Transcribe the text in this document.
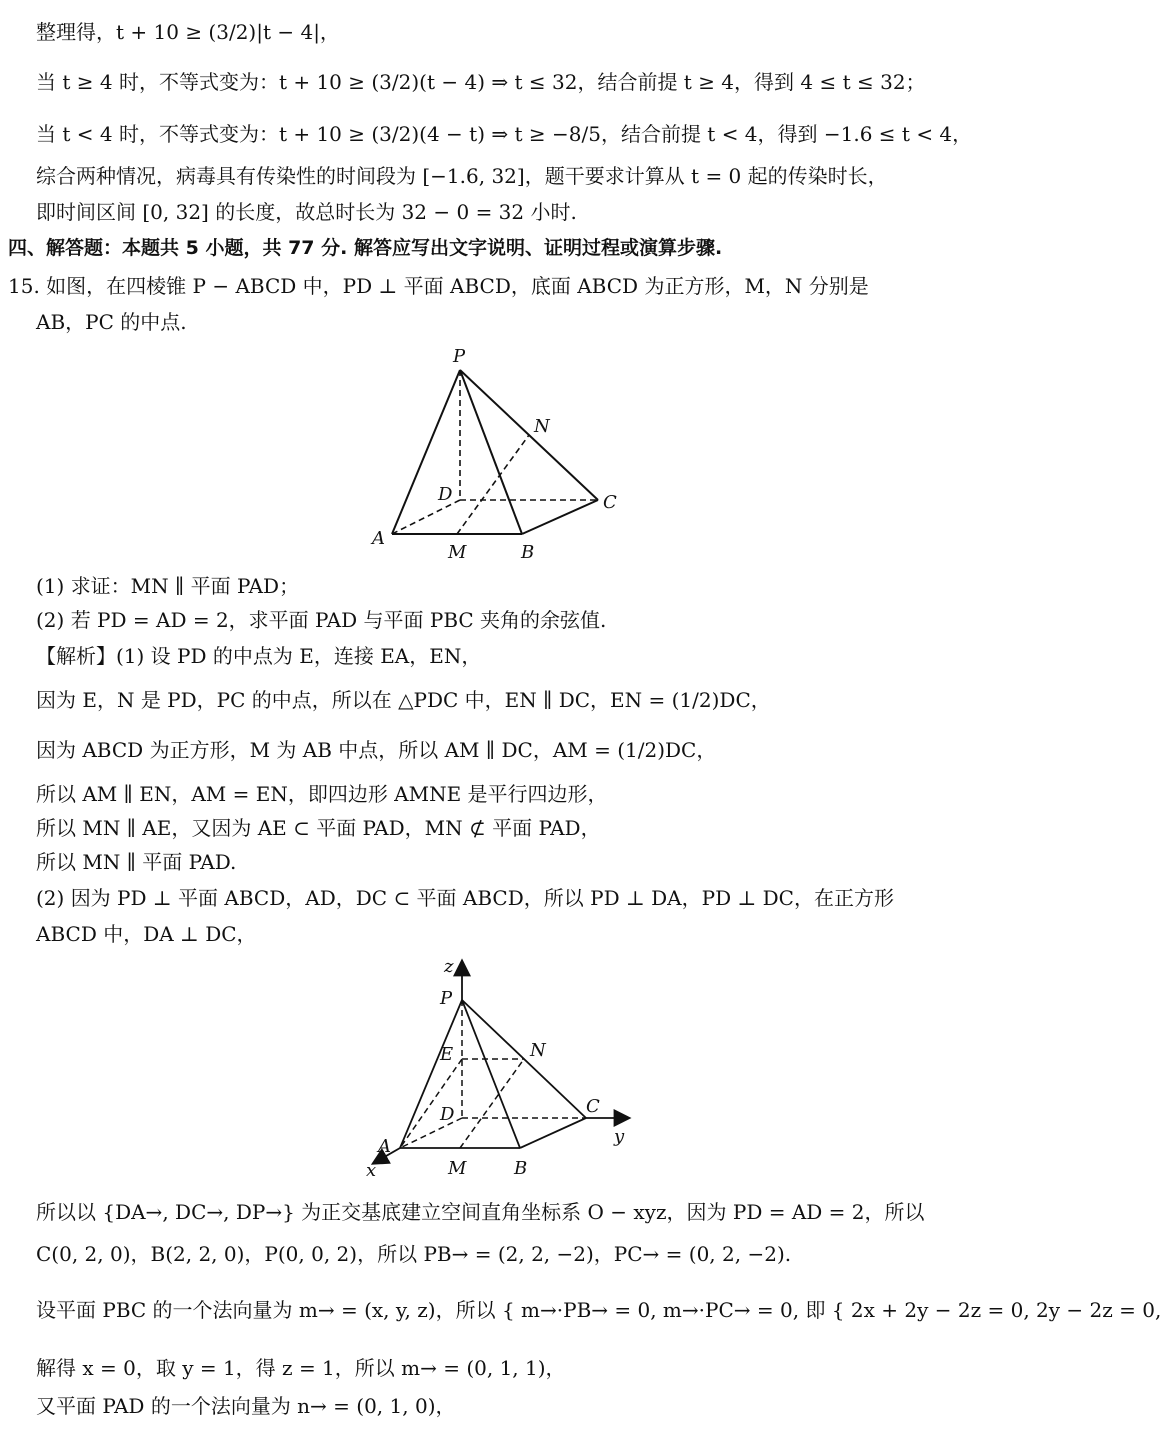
整理得，t + 10 ≥ (3/2)|t − 4|，
当 t ≥ 4 时，不等式变为：t + 10 ≥ (3/2)(t − 4) ⇒ t ≤ 32，结合前提 t ≥ 4，得到 4 ≤ t ≤ 32；
当 t < 4 时，不等式变为：t + 10 ≥ (3/2)(4 − t) ⇒ t ≥ −8/5，结合前提 t < 4，得到 −1.6 ≤ t < 4，
综合两种情况，病毒具有传染性的时间段为 [−1.6, 32]，题干要求计算从 t = 0 起的传染时长，
即时间区间 [0, 32] 的长度，故总时长为 32 − 0 = 32 小时.
四、解答题：本题共 5 小题，共 77 分. 解答应写出文字说明、证明过程或演算步骤.
15. 如图，在四棱锥 P − ABCD 中，PD ⊥ 平面 ABCD，底面 ABCD 为正方形，M，N 分别是
AB，PC 的中点.
P
N
D	C
A
M	B
(1) 求证：MN ∥ 平面 PAD；
(2) 若 PD = AD = 2，求平面 PAD 与平面 PBC 夹角的余弦值.
【解析】(1) 设 PD 的中点为 E，连接 EA，EN，
因为 E，N 是 PD，PC 的中点，所以在 △PDC 中，EN ∥ DC，EN = (1/2)DC，
因为 ABCD 为正方形，M 为 AB 中点，所以 AM ∥ DC，AM = (1/2)DC，
所以 AM ∥ EN，AM = EN，即四边形 AMNE 是平行四边形，
所以 MN ∥ AE，又因为 AE ⊂ 平面 PAD，MN ⊄ 平面 PAD，
所以 MN ∥ 平面 PAD.
(2) 因为 PD ⊥ 平面 ABCD，AD，DC ⊂ 平面 ABCD，所以 PD ⊥ DA，PD ⊥ DC，在正方形
ABCD 中，DA ⊥ DC，
z
P
E	N
D	C
y
A
x	M	B
所以以 {DA→, DC→, DP→} 为正交基底建立空间直角坐标系 O − xyz，因为 PD = AD = 2，所以
C(0, 2, 0)，B(2, 2, 0)，P(0, 0, 2)，所以 PB→ = (2, 2, −2)，PC→ = (0, 2, −2).
设平面 PBC 的一个法向量为 m→ = (x, y, z)，所以 { m→·PB→ = 0, m→·PC→ = 0, 即 { 2x + 2y − 2z = 0, 2y − 2z = 0,
解得 x = 0，取 y = 1，得 z = 1，所以 m→ = (0, 1, 1)，
又平面 PAD 的一个法向量为 n→ = (0, 1, 0)，
